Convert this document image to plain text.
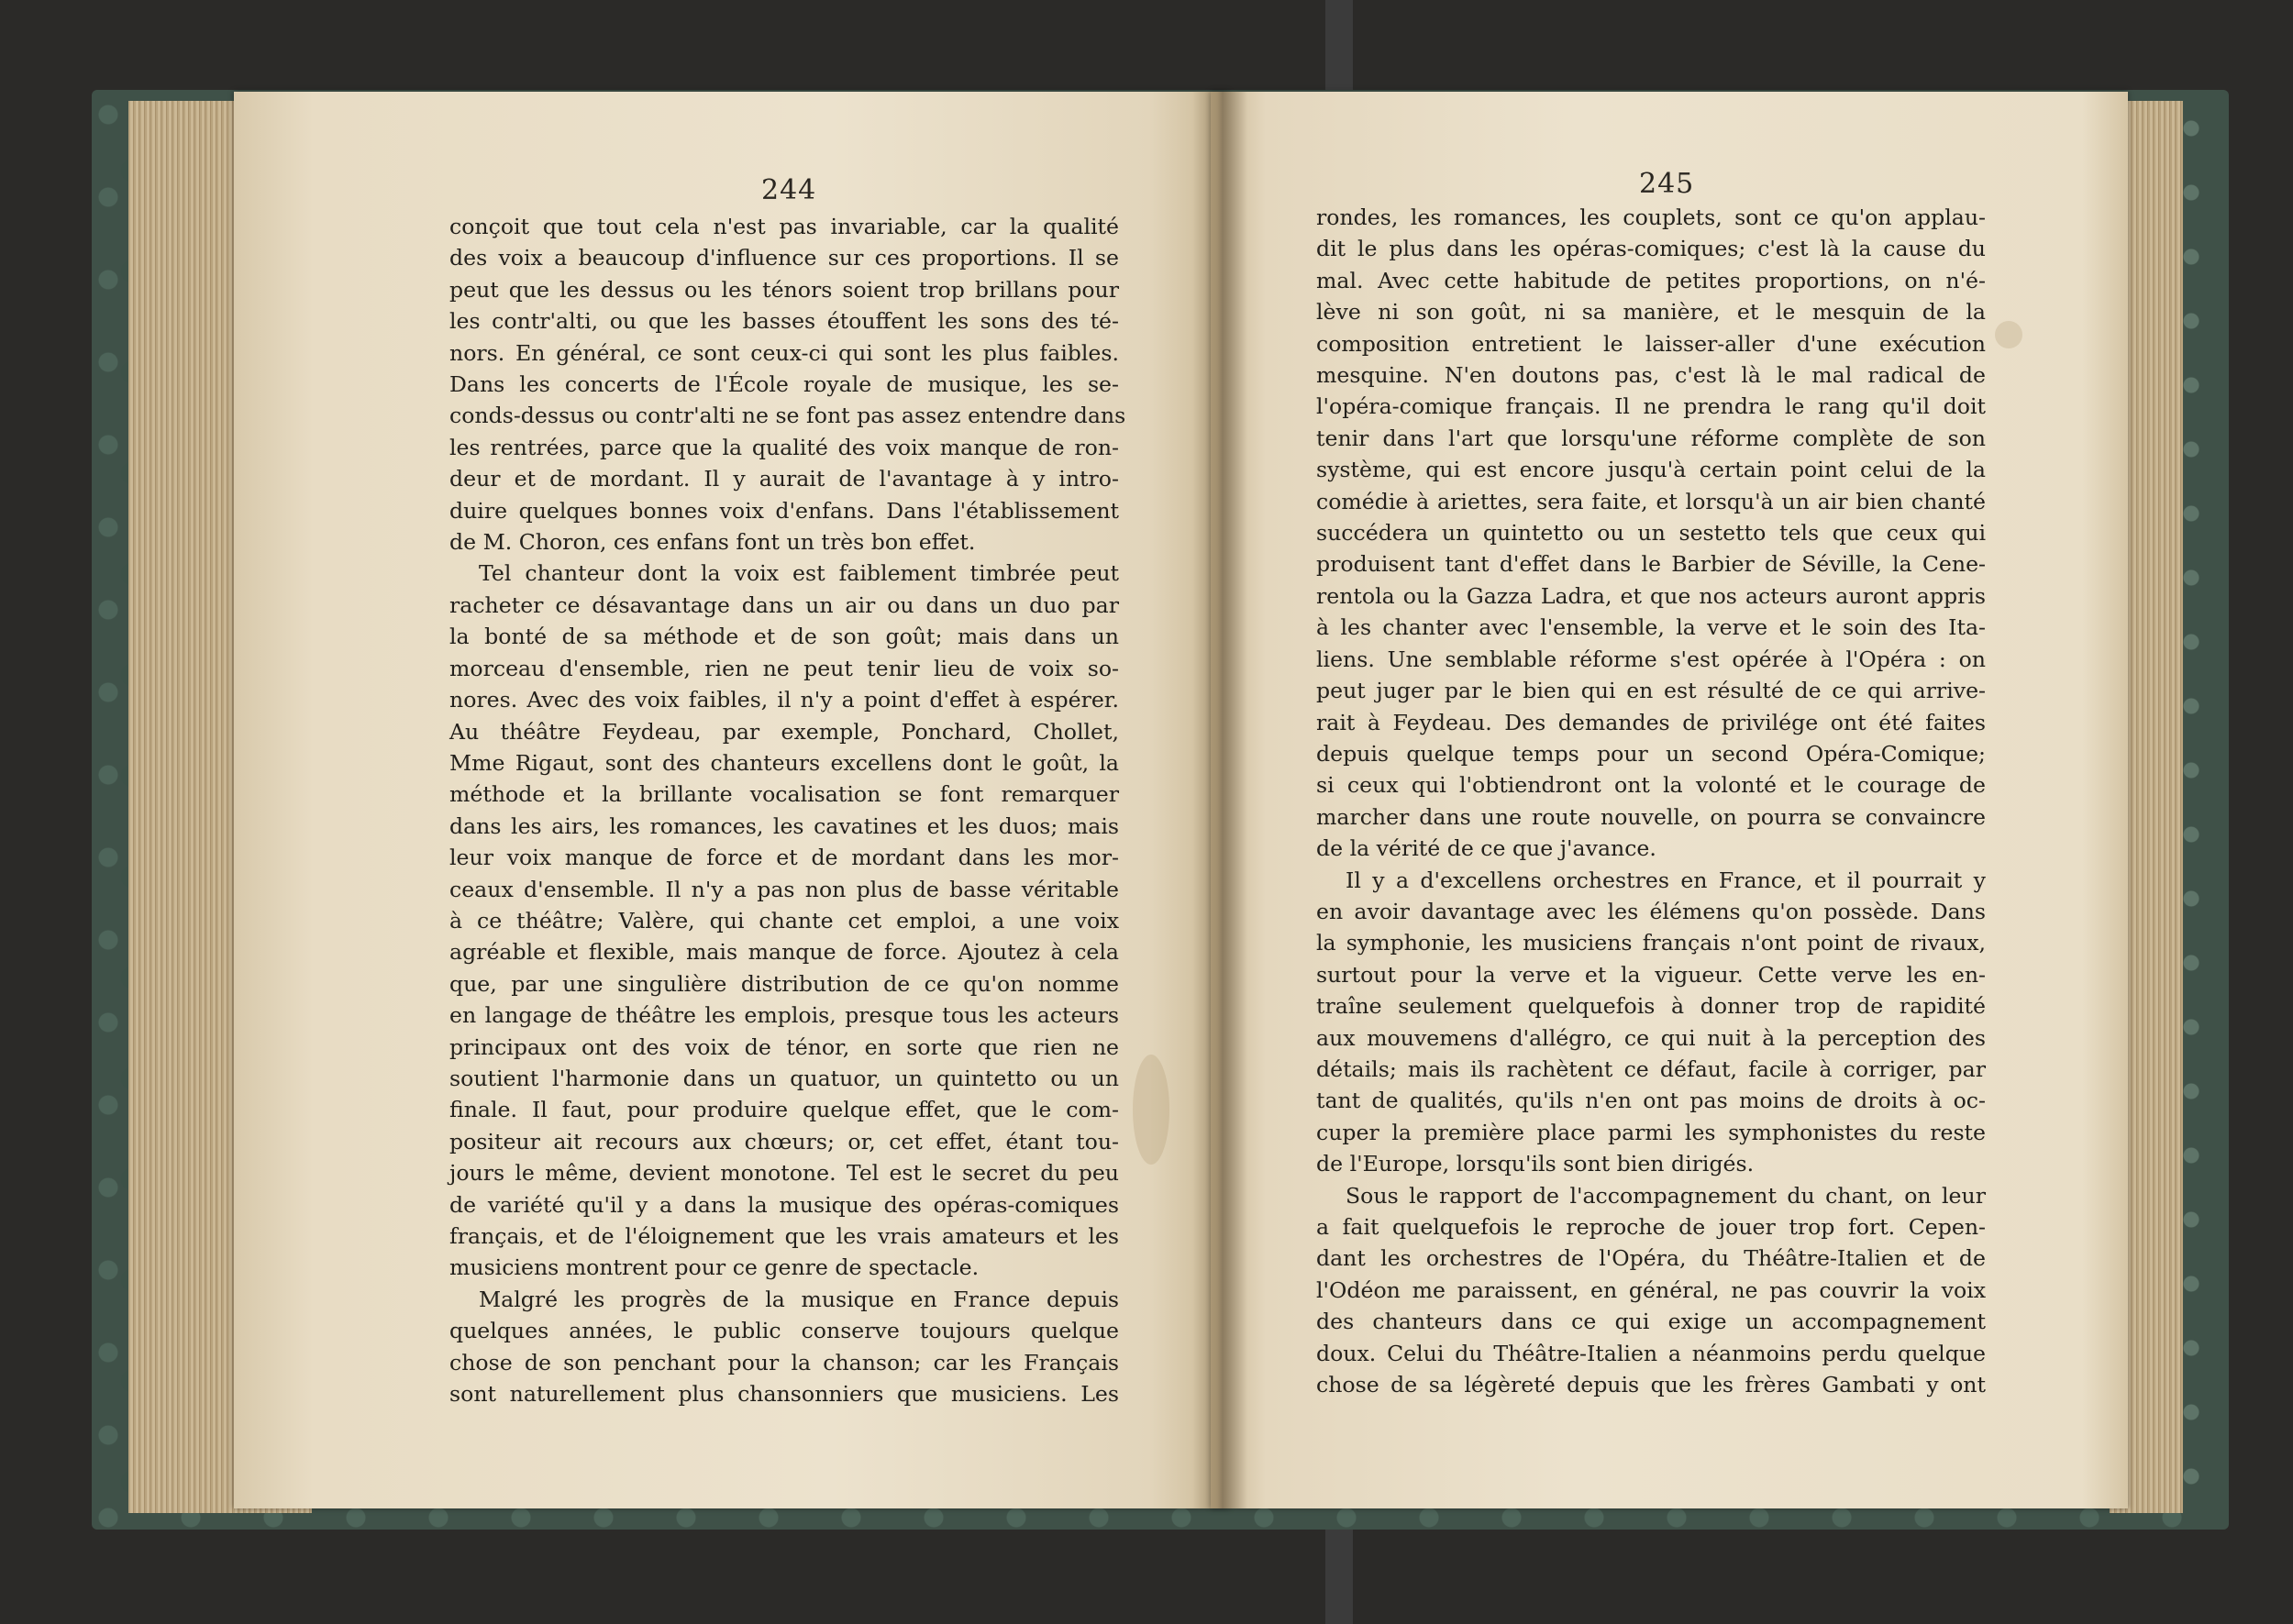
244	245
conçoit que tout cela n'est pas invariable, car la qualité
des voix a beaucoup d'influence sur ces proportions. Il se
peut que les dessus ou les ténors soient trop brillans pour
les contr'alti, ou que les basses étouffent les sons des té-
nors. En général, ce sont ceux-ci qui sont les plus faibles.
Dans les concerts de l'École royale de musique, les se-
conds-dessus ou contr'alti ne se font pas assez entendre dans
les rentrées, parce que la qualité des voix manque de ron-
deur et de mordant. Il y aurait de l'avantage à y intro-
duire quelques bonnes voix d'enfans. Dans l'établissement
de M. Choron, ces enfans font un très bon effet.
Tel chanteur dont la voix est faiblement timbrée peut
racheter ce désavantage dans un air ou dans un duo par
la bonté de sa méthode et de son goût; mais dans un
morceau d'ensemble, rien ne peut tenir lieu de voix so-
nores. Avec des voix faibles, il n'y a point d'effet à espérer.
Au théâtre Feydeau, par exemple, Ponchard, Chollet,
Mme Rigaut, sont des chanteurs excellens dont le goût, la
méthode et la brillante vocalisation se font remarquer
dans les airs, les romances, les cavatines et les duos; mais
leur voix manque de force et de mordant dans les mor-
ceaux d'ensemble. Il n'y a pas non plus de basse véritable
à ce théâtre; Valère, qui chante cet emploi, a une voix
agréable et flexible, mais manque de force. Ajoutez à cela
que, par une singulière distribution de ce qu'on nomme
en langage de théâtre les emplois, presque tous les acteurs
principaux ont des voix de ténor, en sorte que rien ne
soutient l'harmonie dans un quatuor, un quintetto ou un
finale. Il faut, pour produire quelque effet, que le com-
positeur ait recours aux chœurs; or, cet effet, étant tou-
jours le même, devient monotone. Tel est le secret du peu
de variété qu'il y a dans la musique des opéras-comiques
français, et de l'éloignement que les vrais amateurs et les
musiciens montrent pour ce genre de spectacle.
Malgré les progrès de la musique en France depuis
quelques années, le public conserve toujours quelque
chose de son penchant pour la chanson; car les Français
sont naturellement plus chansonniers que musiciens. Les
rondes, les romances, les couplets, sont ce qu'on applau-
dit le plus dans les opéras-comiques; c'est là la cause du
mal. Avec cette habitude de petites proportions, on n'é-
lève ni son goût, ni sa manière, et le mesquin de la
composition entretient le laisser-aller d'une exécution
mesquine. N'en doutons pas, c'est là le mal radical de
l'opéra-comique français. Il ne prendra le rang qu'il doit
tenir dans l'art que lorsqu'une réforme complète de son
système, qui est encore jusqu'à certain point celui de la
comédie à ariettes, sera faite, et lorsqu'à un air bien chanté
succédera un quintetto ou un sestetto tels que ceux qui
produisent tant d'effet dans le Barbier de Séville, la Cene-
rentola ou la Gazza Ladra, et que nos acteurs auront appris
à les chanter avec l'ensemble, la verve et le soin des Ita-
liens. Une semblable réforme s'est opérée à l'Opéra : on
peut juger par le bien qui en est résulté de ce qui arrive-
rait à Feydeau. Des demandes de privilége ont été faites
depuis quelque temps pour un second Opéra-Comique;
si ceux qui l'obtiendront ont la volonté et le courage de
marcher dans une route nouvelle, on pourra se convaincre
de la vérité de ce que j'avance.
Il y a d'excellens orchestres en France, et il pourrait y
en avoir davantage avec les élémens qu'on possède. Dans
la symphonie, les musiciens français n'ont point de rivaux,
surtout pour la verve et la vigueur. Cette verve les en-
traîne seulement quelquefois à donner trop de rapidité
aux mouvemens d'allégro, ce qui nuit à la perception des
détails; mais ils rachètent ce défaut, facile à corriger, par
tant de qualités, qu'ils n'en ont pas moins de droits à oc-
cuper la première place parmi les symphonistes du reste
de l'Europe, lorsqu'ils sont bien dirigés.
Sous le rapport de l'accompagnement du chant, on leur
a fait quelquefois le reproche de jouer trop fort. Cepen-
dant les orchestres de l'Opéra, du Théâtre-Italien et de
l'Odéon me paraissent, en général, ne pas couvrir la voix
des chanteurs dans ce qui exige un accompagnement
doux. Celui du Théâtre-Italien a néanmoins perdu quelque
chose de sa légèreté depuis que les frères Gambati y ont
